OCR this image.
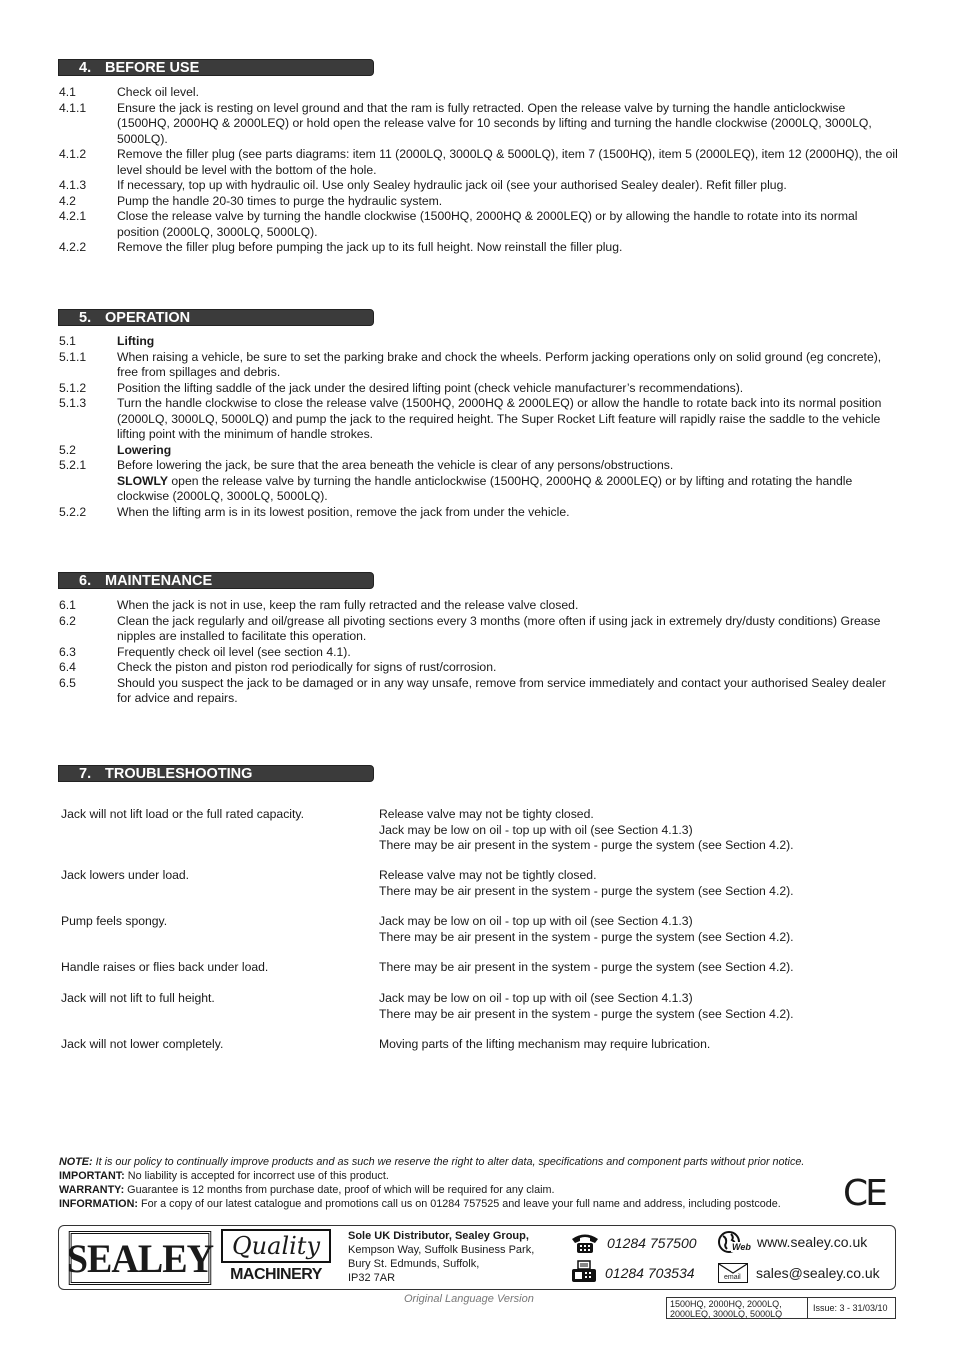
4. BEFORE USE
4.1	Check oil level.
4.1.1	Ensure the jack is resting on level ground and that the ram is fully retracted. Open the release valve by turning the handle anticlockwise (1500HQ, 2000HQ & 2000LEQ) or hold open the release valve for 10 seconds by lifting and turning the handle clockwise (2000LQ, 3000LQ, 5000LQ).
4.1.2	Remove the filler plug (see parts diagrams: item 11 (2000LQ, 3000LQ & 5000LQ), item 7 (1500HQ), item 5 (2000LEQ), item 12 (2000HQ), the oil level should be level with the bottom of the hole.
4.1.3	If necessary, top up with hydraulic oil. Use only Sealey hydraulic jack oil (see your authorised Sealey dealer). Refit filler plug.
4.2	Pump the handle 20-30 times to purge the hydraulic system.
4.2.1	Close the release valve by turning the handle clockwise (1500HQ, 2000HQ & 2000LEQ) or by allowing the handle to rotate into its normal position (2000LQ, 3000LQ, 5000LQ).
4.2.2	Remove the filler plug before pumping the jack up to its full height. Now reinstall the filler plug.
5. OPERATION
5.1	Lifting
5.1.1	When raising a vehicle, be sure to set the parking brake and chock the wheels. Perform jacking operations only on solid ground (eg concrete), free from spillages and debris.
5.1.2	Position the lifting saddle of the jack under the desired lifting point (check vehicle manufacturer’s recommendations).
5.1.3	Turn the handle clockwise to close the release valve (1500HQ, 2000HQ & 2000LEQ) or allow the handle to rotate back into its normal position (2000LQ, 3000LQ, 5000LQ) and pump the jack to the required height. The Super Rocket Lift feature will rapidly raise the saddle to the vehicle lifting point with the minimum of handle strokes.
5.2	Lowering
5.2.1	Before lowering the jack, be sure that the area beneath the vehicle is clear of any persons/obstructions.
SLOWLY open the release valve by turning the handle anticlockwise (1500HQ, 2000HQ & 2000LEQ) or by lifting and rotating the handle clockwise (2000LQ, 3000LQ, 5000LQ).
5.2.2	When the lifting arm is in its lowest position, remove the jack from under the vehicle.
6. MAINTENANCE
6.1	When the jack is not in use, keep the ram fully retracted and the release valve closed.
6.2	Clean the jack regularly and oil/grease all pivoting sections every 3 months (more often if using jack in extremely dry/dusty conditions) Grease nipples are installed to facilitate this operation.
6.3	Frequently check oil level (see section 4.1).
6.4	Check the piston and piston rod periodically for signs of rust/corrosion.
6.5	Should you suspect the jack to be damaged or in any way unsafe, remove from service immediately and contact your authorised Sealey dealer for advice and repairs.
7. TROUBLESHOOTING
Jack will not lift load or the full rated capacity.	Release valve may not be tighty closed.
Jack may be low on oil - top up with oil (see Section 4.1.3)
There may be air present in the system - purge the system (see Section 4.2).
Jack lowers under load.	Release valve may not be tightly closed.
There may be air present in the system - purge the system (see Section 4.2).
Pump feels spongy.	Jack may be low on oil - top up with oil (see Section 4.1.3)
There may be air present in the system - purge the system (see Section 4.2).
Handle raises or flies back under load.	There may be air present in the system - purge the system (see Section 4.2).
Jack will not lift to full height.	Jack may be low on oil - top up with oil (see Section 4.1.3)
There may be air present in the system - purge the system (see Section 4.2).
Jack will not lower completely.	Moving parts of the lifting mechanism may require lubrication.
NOTE: It is our policy to continually improve products and as such we reserve the right to alter data, specifications and component parts without prior notice.
IMPORTANT: No liability is accepted for incorrect use of this product.
WARRANTY: Guarantee is 12 months from purchase date, proof of which will be required for any claim.
INFORMATION: For a copy of our latest catalogue and promotions call us on 01284 757525 and leave your full name and address, including postcode.	CE
SEALEY Quality
MACHINERY
Sole UK Distributor, Sealey Group,
Kempson Way, Suffolk Business Park,
Bury St. Edmunds, Suffolk,
IP32 7AR
01284 757500
01284 703534
Web www.sealey.co.uk
email sales@sealey.co.uk
Original Language Version	1500HQ, 2000HQ, 2000LQ,
2000LEQ, 3000LQ, 5000LQ
Issue: 3 - 31/03/10
